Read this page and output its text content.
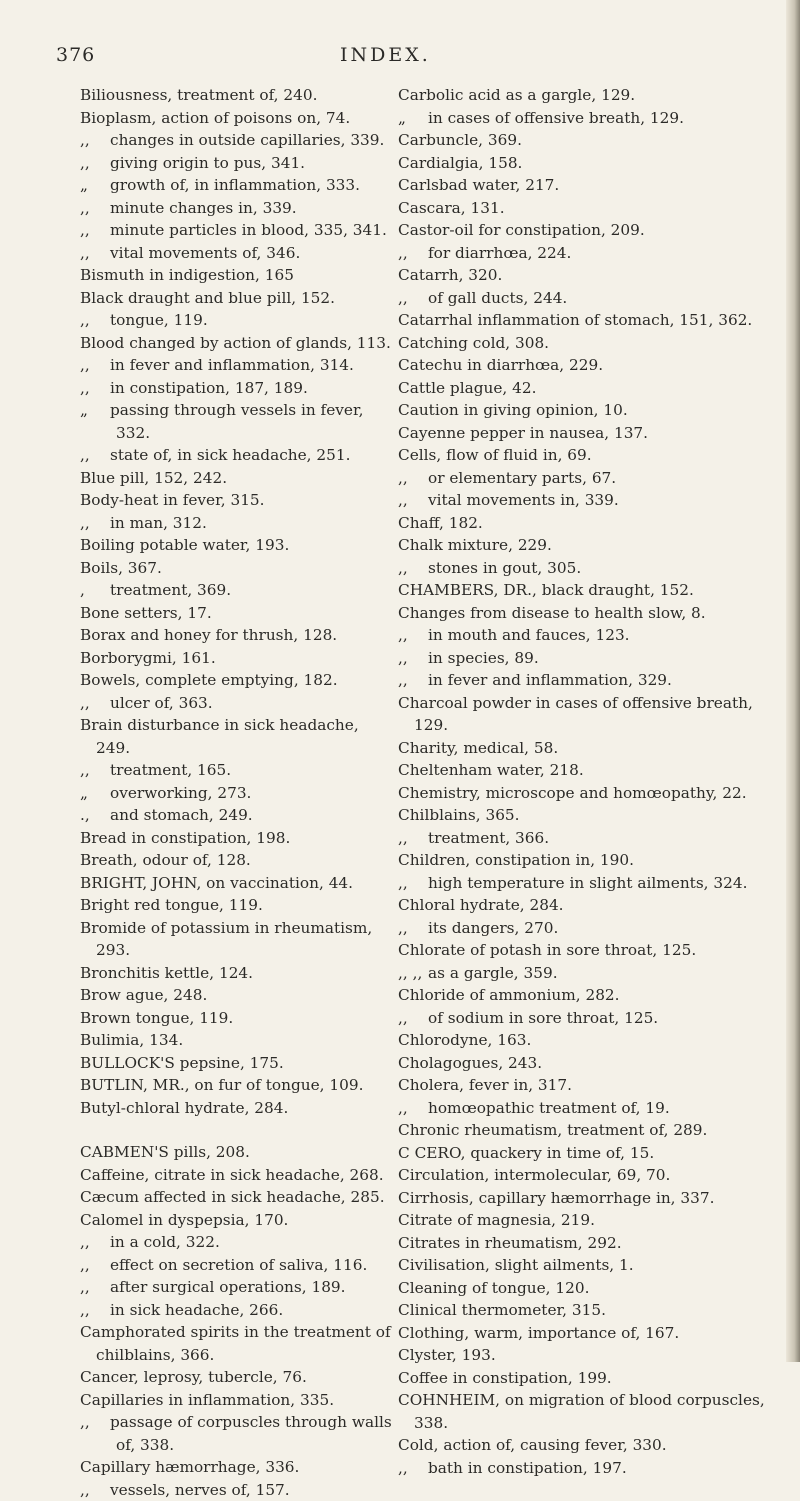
376	INDEX.

Biliousness, treatment of, 240.

Bioplasm, action of poisons on, 74.

,, changes in outside capillaries, 339.

,, giving origin to pus, 341.

„ growth of, in inflammation, 333.

,, minute changes in, 339.

,, minute particles in blood, 335, 341.

,, vital movements of, 346.

Bismuth in indigestion, 165

Black draught and blue pill, 152.

,, tongue, 119.

Blood changed by action of glands, 113.

,, in fever and inflammation, 314.

,, in constipation, 187, 189.

„ passing through vessels in fever, 332.

,, state of, in sick headache, 251.

Blue pill, 152, 242.

Body-heat in fever, 315.

,, in man, 312.

Boiling potable water, 193.

Boils, 367.

, treatment, 369.

Bone setters, 17.

Borax and honey for thrush, 128.

Borborygmi, 161.

Bowels, complete emptying, 182.

,, ulcer of, 363.

Brain disturbance in sick headache, 249.

,, treatment, 165.

„ overworking, 273.

., and stomach, 249.

Bread in constipation, 198.

Breath, odour of, 128.

BRIGHT, JOHN, on vaccination, 44.

Bright red tongue, 119.

Bromide of potassium in rheumatism, 293.

Bronchitis kettle, 124.

Brow ague, 248.

Brown tongue, 119.

Bulimia, 134.

BULLOCK'S pepsine, 175.

BUTLIN, MR., on fur of tongue, 109.

Butyl-chloral hydrate, 284.

CABMEN'S pills, 208.

Caffeine, citrate in sick headache, 268.

Cæcum affected in sick headache, 285.

Calomel in dyspepsia, 170.

,, in a cold, 322.

,, effect on secretion of saliva, 116.

,, after surgical operations, 189.

,, in sick headache, 266.

Camphorated spirits in the treatment of chilblains, 366.

Cancer, leprosy, tubercle, 76.

Capillaries in inflammation, 335.

,, passage of corpuscles through walls of, 338.

Capillary hæmorrhage, 336.

,, vessels, nerves of, 157.

Carbolic acid as a gargle, 129.

„ in cases of offensive breath, 129.

Carbuncle, 369.

Cardialgia, 158.

Carlsbad water, 217.

Cascara, 131.

Castor-oil for constipation, 209.

,, for diarrhœa, 224.

Catarrh, 320.

,, of gall ducts, 244.

Catarrhal inflammation of stomach, 151, 362.

Catching cold, 308.

Catechu in diarrhœa, 229.

Cattle plague, 42.

Caution in giving opinion, 10.

Cayenne pepper in nausea, 137.

Cells, flow of fluid in, 69.

,, or elementary parts, 67.

,, vital movements in, 339.

Chaff, 182.

Chalk mixture, 229.

,, stones in gout, 305.

CHAMBERS, DR., black draught, 152.

Changes from disease to health slow, 8.

,, in mouth and fauces, 123.

,, in species, 89.

,, in fever and inflammation, 329.

Charcoal powder in cases of offensive breath, 129.

Charity, medical, 58.

Cheltenham water, 218.

Chemistry, microscope and homœopathy, 22.

Chilblains, 365.

,, treatment, 366.

Children, constipation in, 190.

,, high temperature in slight ailments, 324.

Chloral hydrate, 284.

,, its dangers, 270.

Chlorate of potash in sore throat, 125.

,, ,, as a gargle, 359.

Chloride of ammonium, 282.

,, of sodium in sore throat, 125.

Chlorodyne, 163.

Cholagogues, 243.

Cholera, fever in, 317.

,, homœopathic treatment of, 19.

Chronic rheumatism, treatment of, 289.

C CERO, quackery in time of, 15.

Circulation, intermolecular, 69, 70.

Cirrhosis, capillary hæmorrhage in, 337.

Citrate of magnesia, 219.

Citrates in rheumatism, 292.

Civilisation, slight ailments, 1.

Cleaning of tongue, 120.

Clinical thermometer, 315.

Clothing, warm, importance of, 167.

Clyster, 193.

Coffee in constipation, 199.

COHNHEIM, on migration of blood corpuscles, 338.

Cold, action of, causing fever, 330.

,, bath in constipation, 197.
